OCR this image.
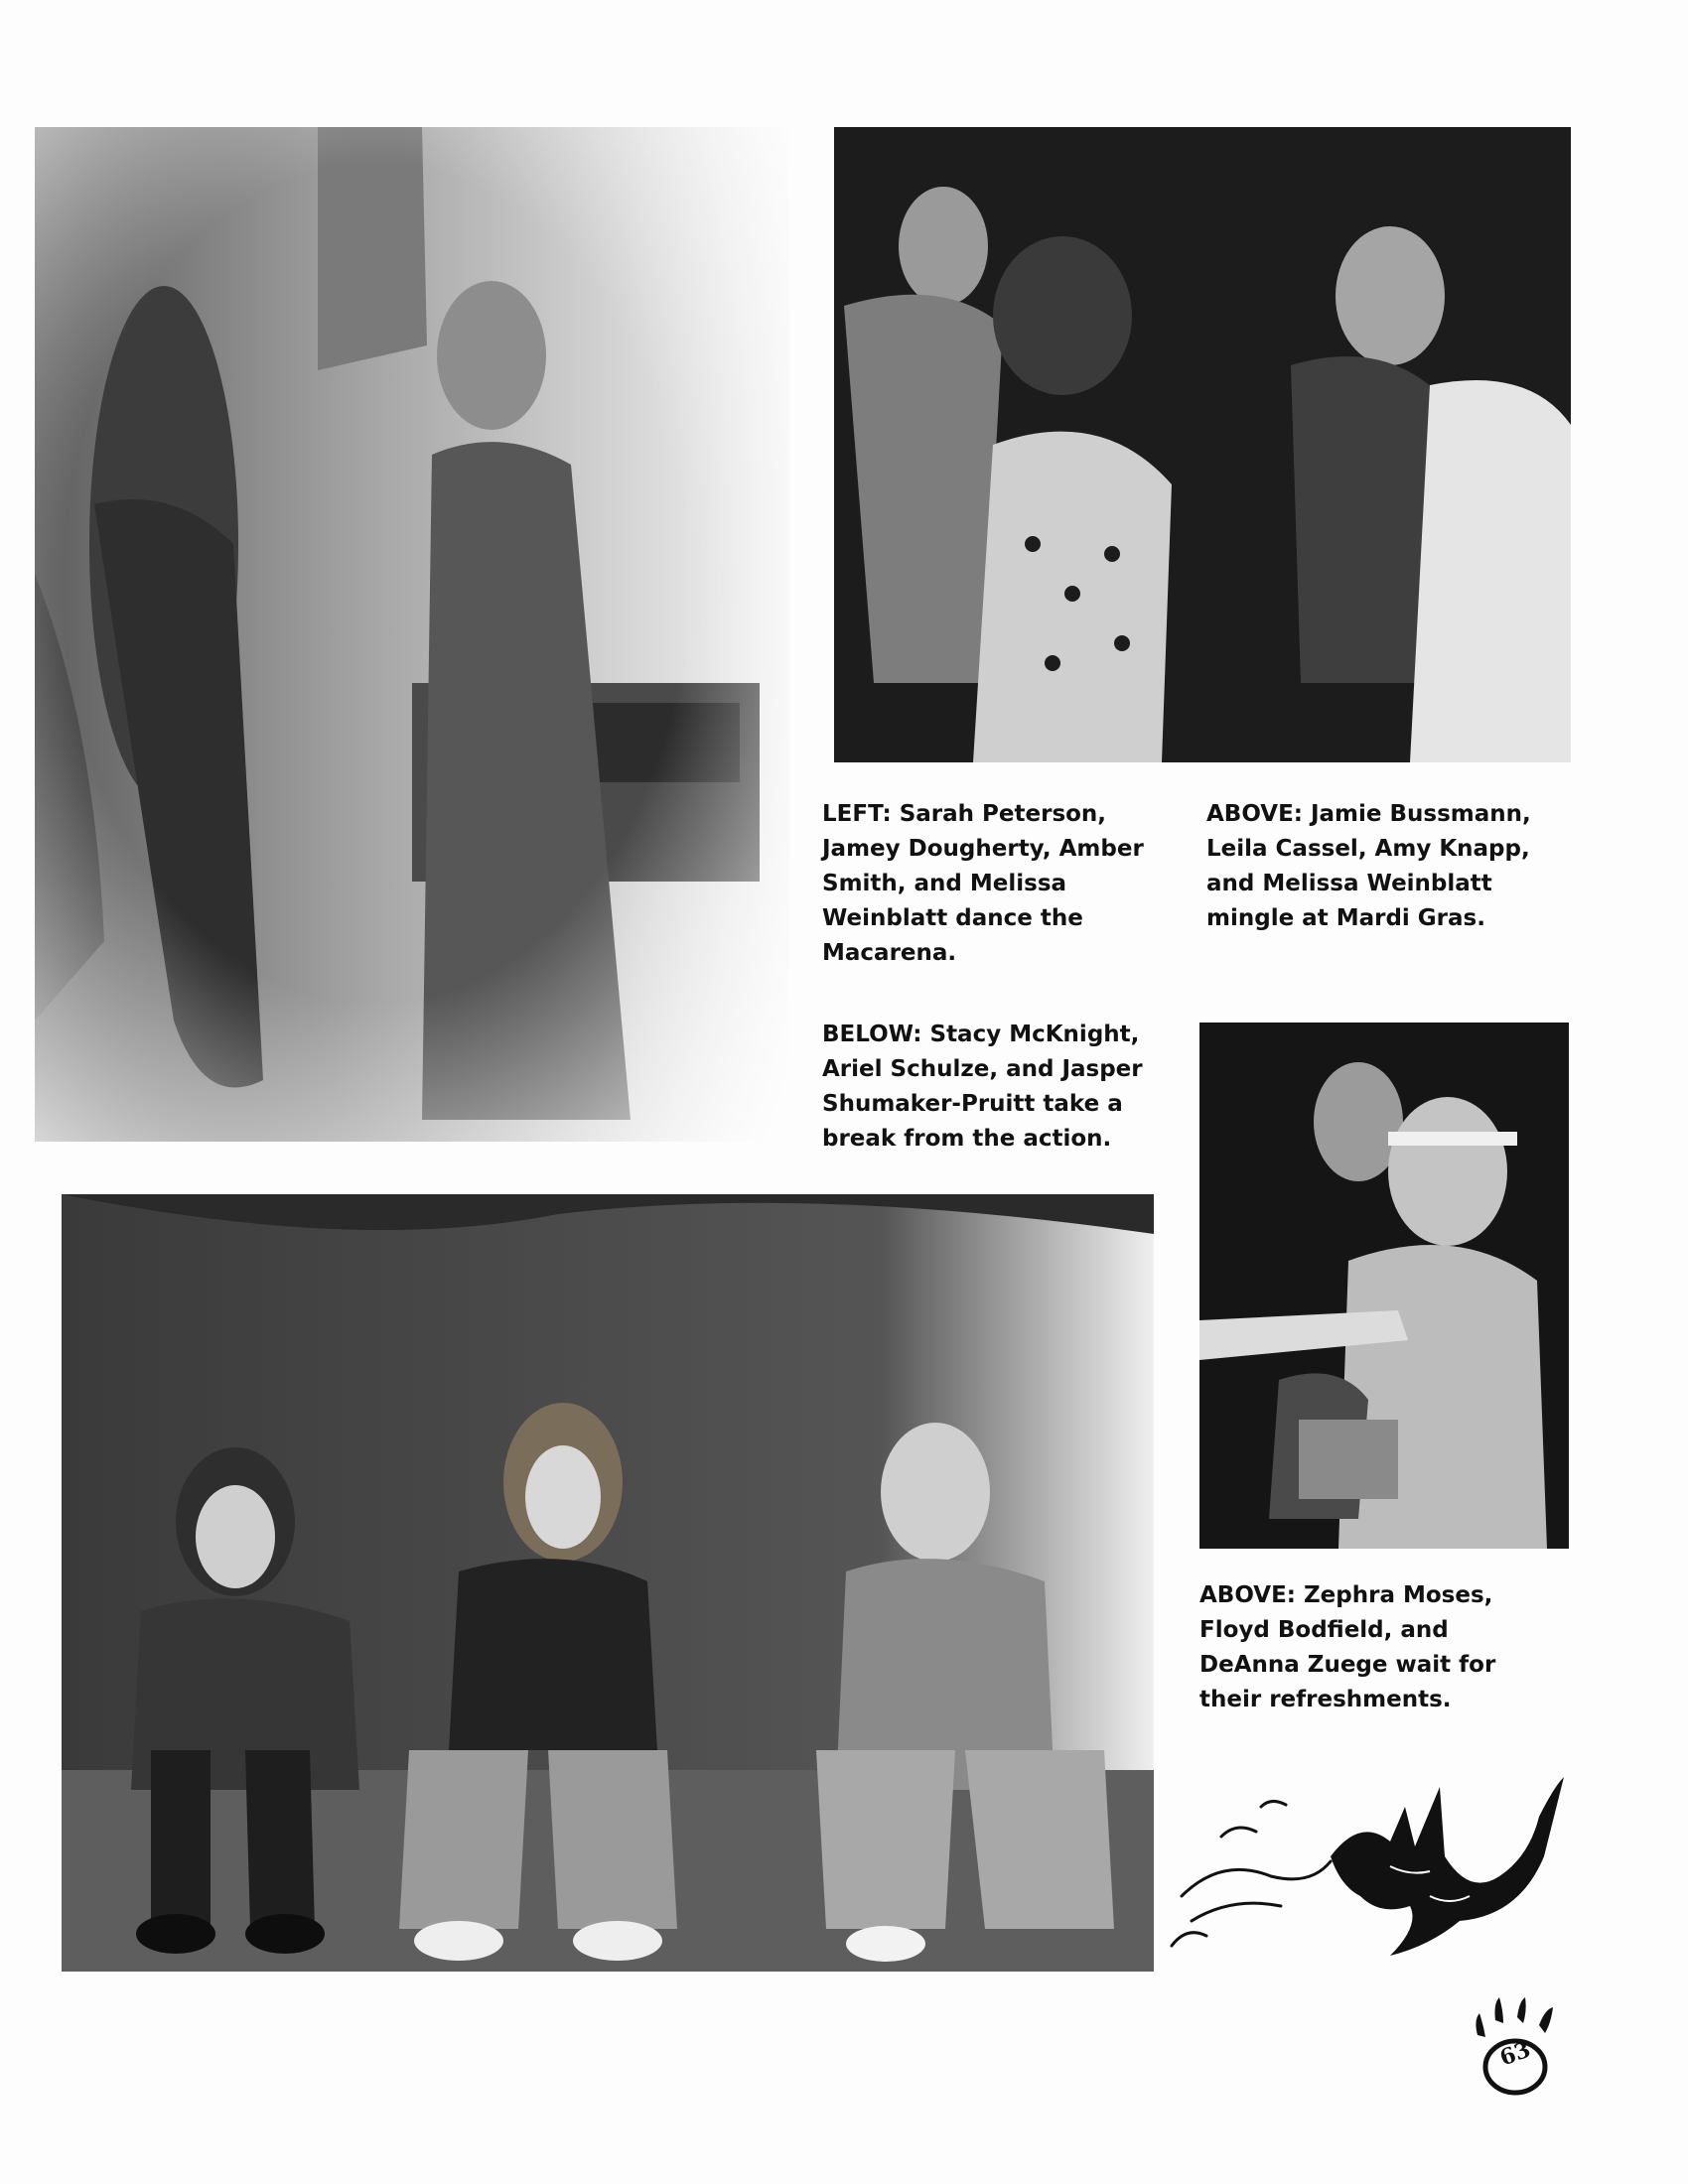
LEFT: Sarah Peterson,
Jamey Dougherty, Amber
Smith, and Melissa
Weinblatt dance the
Macarena.

ABOVE: Jamie Bussmann,
Leila Cassel, Amy Knapp,
and Melissa Weinblatt
mingle at Mardi Gras.

BELOW: Stacy McKnight,
Ariel Schulze, and Jasper
Shumaker-Pruitt take a
break from the action.

ABOVE: Zephra Moses,
Floyd Bodfield, and
DeAnna Zuege wait for
their refreshments.

63
